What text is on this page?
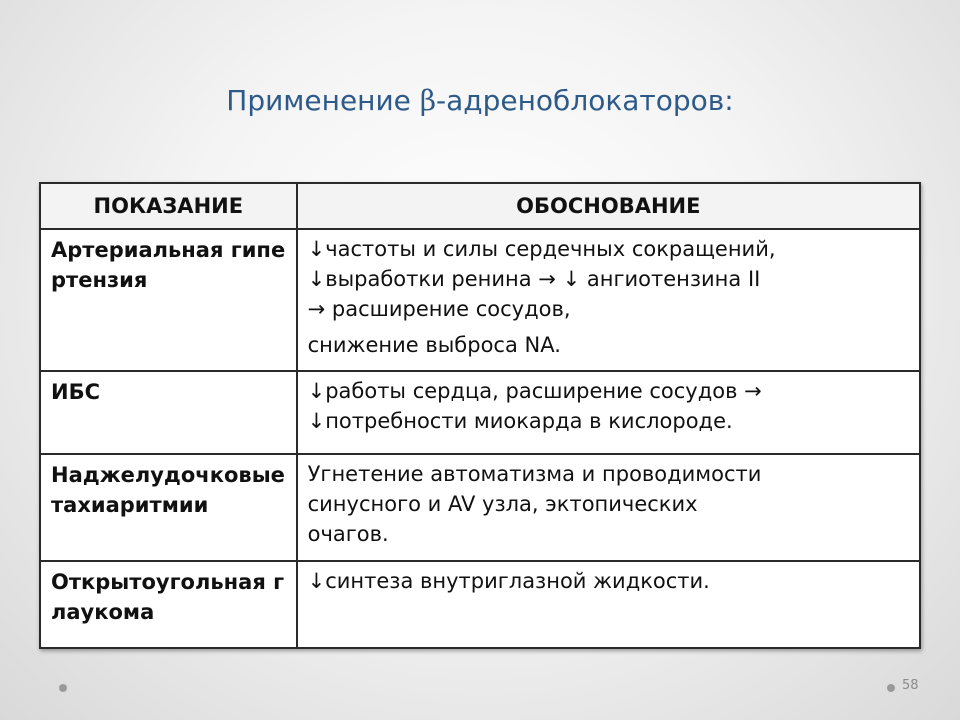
Применение β-адреноблокаторов:
ПОКАЗАНИЕ	ОБОСНОВАНИЕ
Артериальная гипертензия	↓частоты и силы сердечных сокращений,
↓выработки ренина → ↓ ангиотензина II
→ расширение сосудов,
снижение выброса NA.

ИБС	↓работы сердца, расширение сосудов →
↓потребности миокарда в кислороде.

Наджелудочковые тахиаритмии	Угнетение автоматизма и проводимости
синусного и AV узла, эктопических
очагов.

Открытоугольная глаукома	↓синтеза внутриглазной жидкости.
58
